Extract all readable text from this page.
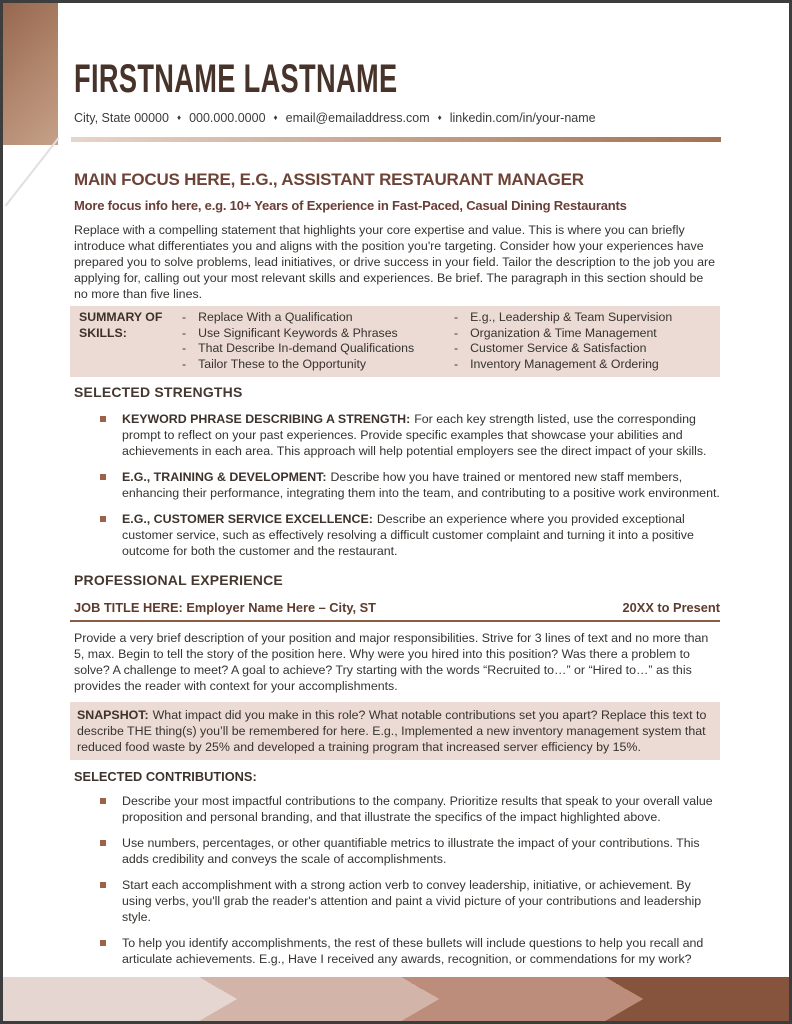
FIRSTNAME LASTNAME
City, State 00000 ♦ 000.000.0000 ♦ email@emailaddress.com ♦ linkedin.com/in/your-name
MAIN FOCUS HERE, E.G., ASSISTANT RESTAURANT MANAGER
More focus info here, e.g. 10+ Years of Experience in Fast-Paced, Casual Dining Restaurants

Replace with a compelling statement that highlights your core expertise and value. This is where you can briefly introduce what differentiates you and aligns with the position you're targeting. Consider how your experiences have prepared you to solve problems, lead initiatives, or drive success in your field. Tailor the description to the job you are applying for, calling out your most relevant skills and experiences. Be brief. The paragraph in this section should be no more than five lines.

SUMMARY OF
SKILLS:
- Replace With a Qualification
- Use Significant Keywords & Phrases
- That Describe In-demand Qualifications
- Tailor These to the Opportunity
- E.g., Leadership & Team Supervision
- Organization & Time Management
- Customer Service & Satisfaction
- Inventory Management & Ordering
SELECTED STRENGTHS
KEYWORD PHRASE DESCRIBING A STRENGTH: For each key strength listed, use the corresponding prompt to reflect on your past experiences. Provide specific examples that showcase your abilities and achievements in each area. This approach will help potential employers see the direct impact of your skills.
E.G., TRAINING & DEVELOPMENT: Describe how you have trained or mentored new staff members, enhancing their performance, integrating them into the team, and contributing to a positive work environment.
E.G., CUSTOMER SERVICE EXCELLENCE: Describe an experience where you provided exceptional customer service, such as effectively resolving a difficult customer complaint and turning it into a positive outcome for both the customer and the restaurant.
PROFESSIONAL EXPERIENCE
JOB TITLE HERE: Employer Name Here – City, ST	20XX to Present

Provide a very brief description of your position and major responsibilities. Strive for 3 lines of text and no more than 5, max. Begin to tell the story of the position here. Why were you hired into this position? Was there a problem to solve? A challenge to meet? A goal to achieve? Try starting with the words “Recruited to…” or “Hired to…” as this provides the reader with context for your accomplishments.

SNAPSHOT: What impact did you make in this role? What notable contributions set you apart? Replace this text to describe THE thing(s) you’ll be remembered for here. E.g., Implemented a new inventory management system that reduced food waste by 25% and developed a training program that increased server efficiency by 15%.
SELECTED CONTRIBUTIONS:
Describe your most impactful contributions to the company. Prioritize results that speak to your overall value proposition and personal branding, and that illustrate the specifics of the impact highlighted above.
Use numbers, percentages, or other quantifiable metrics to illustrate the impact of your contributions. This adds credibility and conveys the scale of accomplishments.
Start each accomplishment with a strong action verb to convey leadership, initiative, or achievement. By using verbs, you'll grab the reader's attention and paint a vivid picture of your contributions and leadership style.
To help you identify accomplishments, the rest of these bullets will include questions to help you recall and articulate achievements. E.g., Have I received any awards, recognition, or commendations for my work?
